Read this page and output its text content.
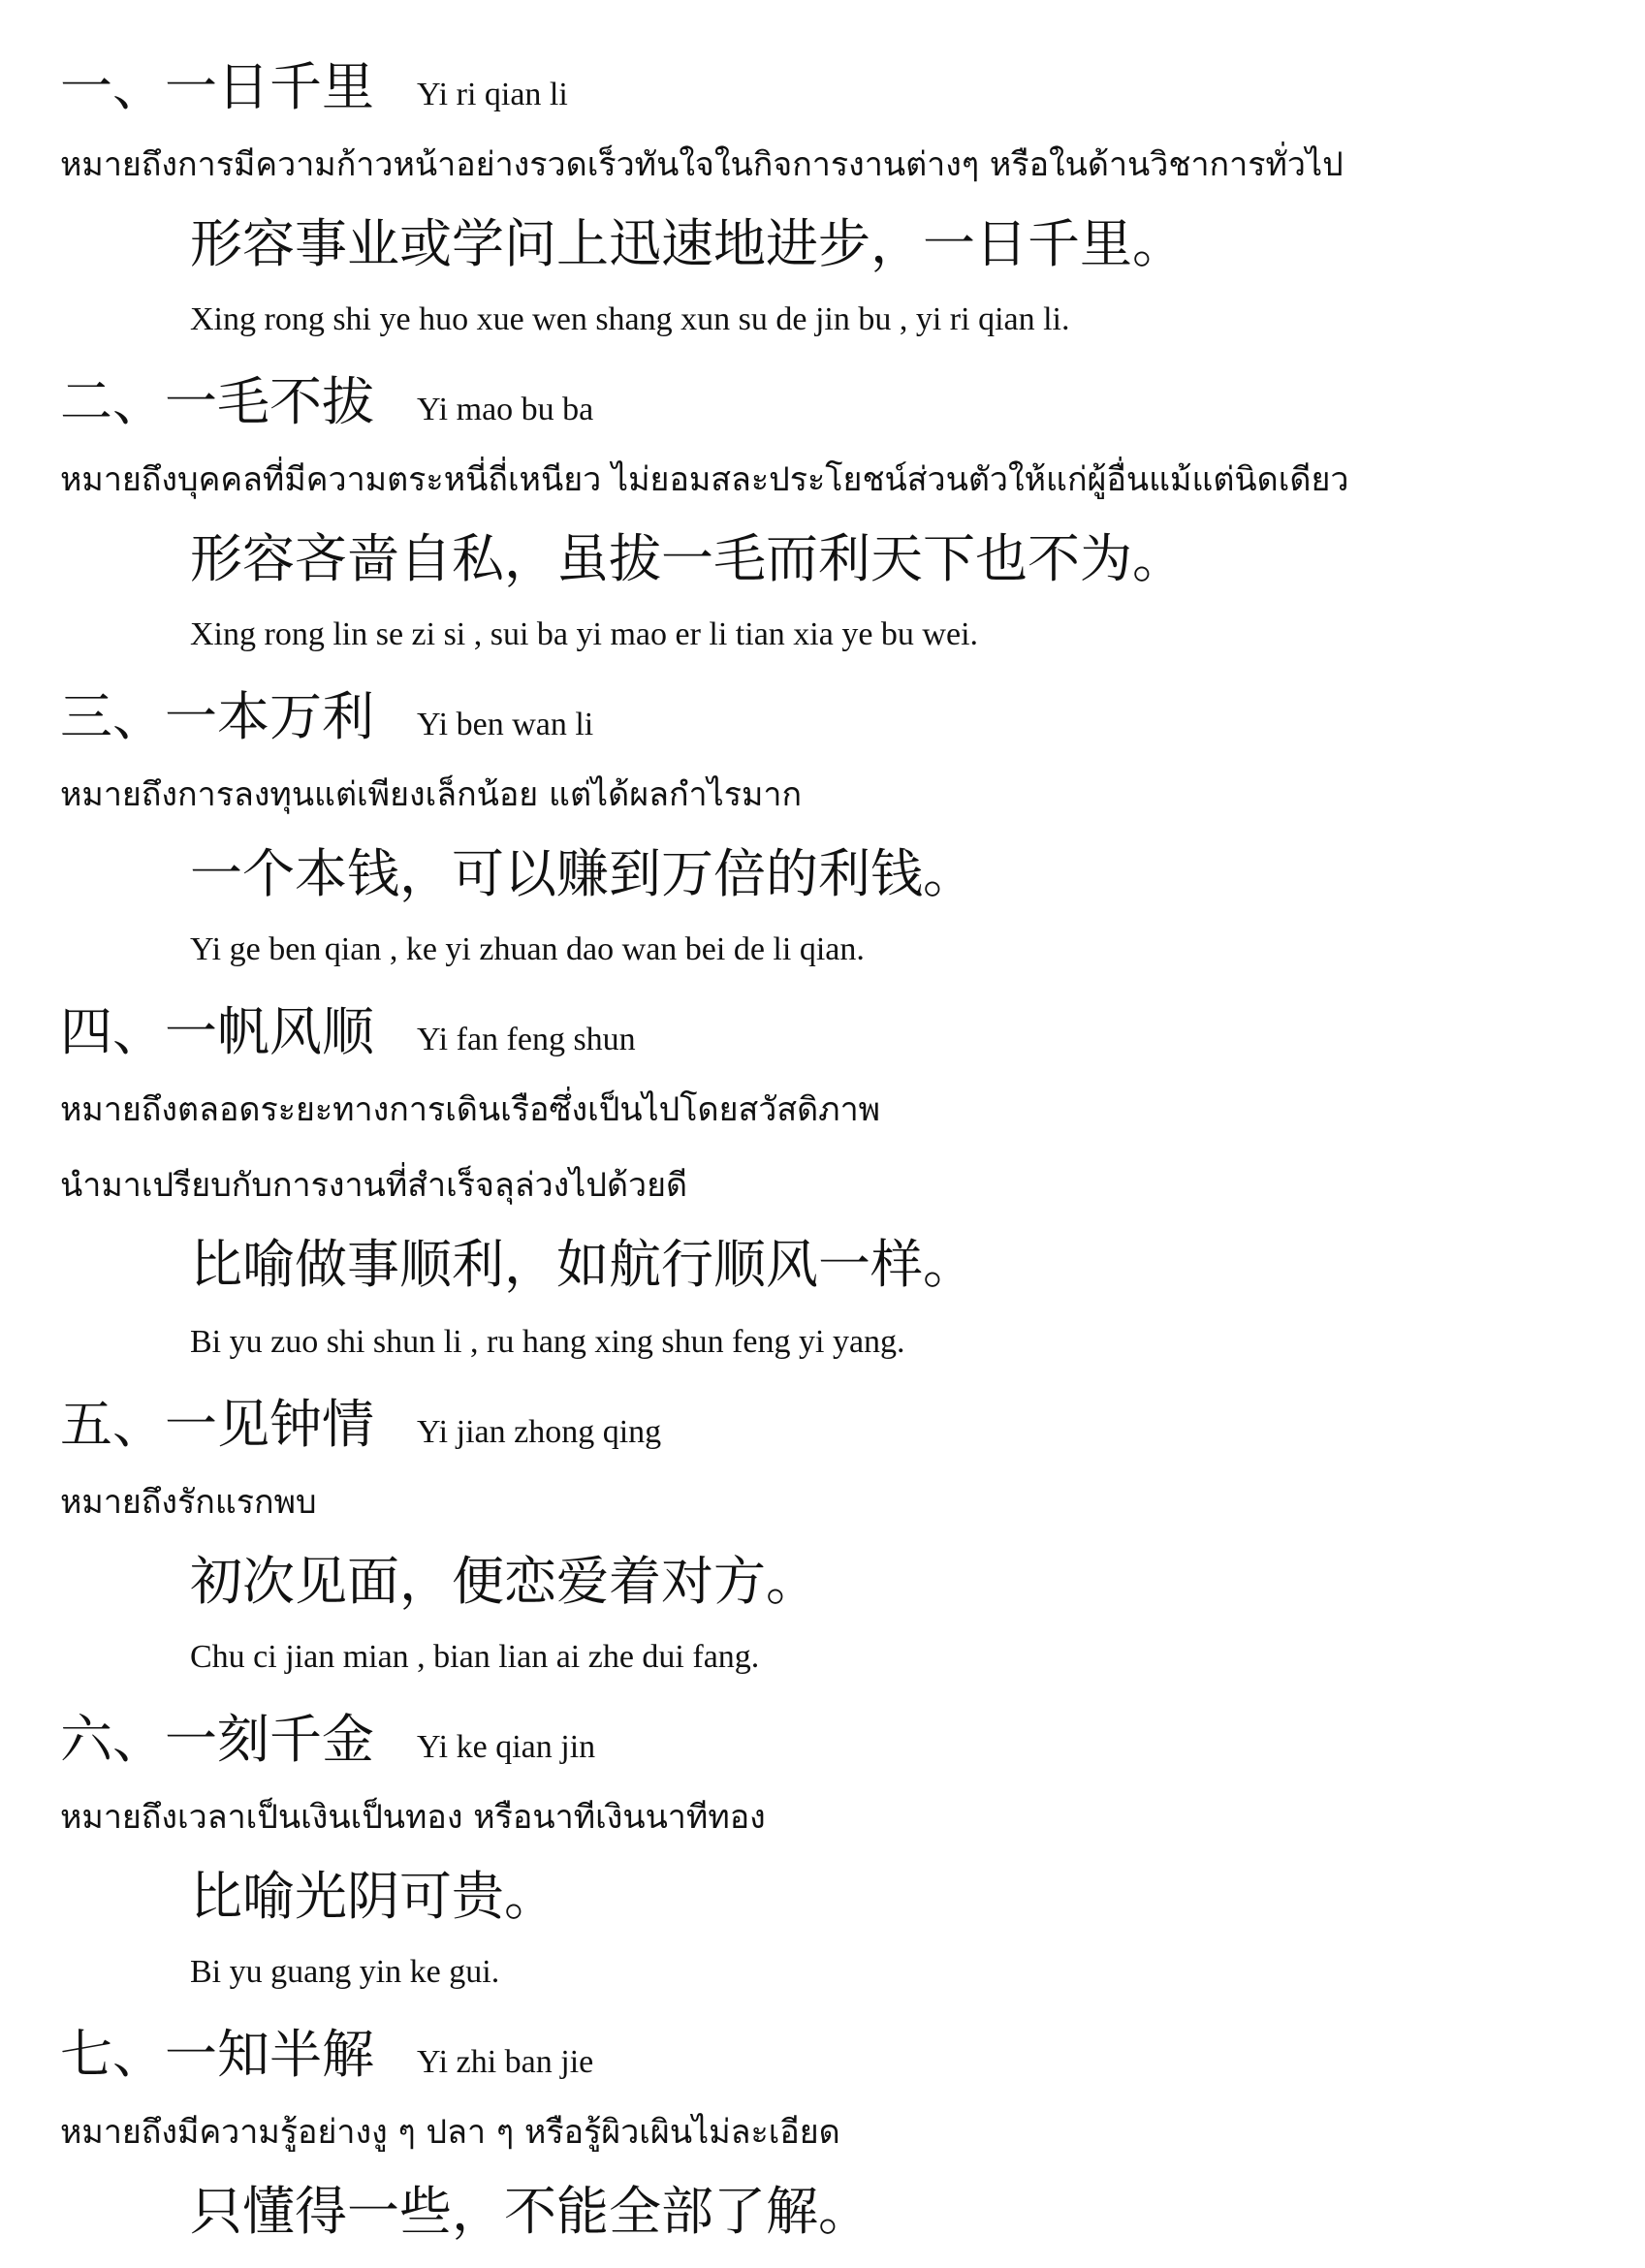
一、一日千里 Yi ri qian li
หมายถึงการมีความก้าวหน้าอย่างรวดเร็วทันใจในกิจการงานต่างๆ หรือในด้านวิชาการทั่วไป
形容事业或学问上迅速地进步，一日千里。
Xing rong shi ye huo xue wen shang xun su de jin bu , yi ri qian li.
二、一毛不拔 Yi mao bu ba
หมายถึงบุคคลที่มีความตระหนี่ถี่เหนียว ไม่ยอมสละประโยชน์ส่วนตัวให้แก่ผู้อื่นแม้แต่นิดเดียว
形容吝啬自私，虽拔一毛而利天下也不为。
Xing rong lin se zi si , sui ba yi mao er li tian xia ye bu wei.
三、一本万利 Yi ben wan li
หมายถึงการลงทุนแต่เพียงเล็กน้อย แต่ได้ผลกำไรมาก
一个本钱，可以赚到万倍的利钱。
Yi ge ben qian , ke yi zhuan dao wan bei de li qian.
四、一帆风顺 Yi fan feng shun
หมายถึงตลอดระยะทางการเดินเรือซึ่งเป็นไปโดยสวัสดิภาพ
นำมาเปรียบกับการงานที่สำเร็จลุล่วงไปด้วยดี
比喻做事顺利，如航行顺风一样。
Bi yu zuo shi shun li , ru hang xing shun feng yi yang.
五、一见钟情 Yi jian zhong qing
หมายถึงรักแรกพบ
初次见面，便恋爱着对方。
Chu ci jian mian , bian lian ai zhe dui fang.
六、一刻千金 Yi ke qian jin
หมายถึงเวลาเป็นเงินเป็นทอง หรือนาทีเงินนาทีทอง
比喻光阴可贵。
Bi yu guang yin ke gui.
七、一知半解 Yi zhi ban jie
หมายถึงมีความรู้อย่างงู ๆ ปลา ๆ หรือรู้ผิวเผินไม่ละเอียด
只懂得一些，不能全部了解。
